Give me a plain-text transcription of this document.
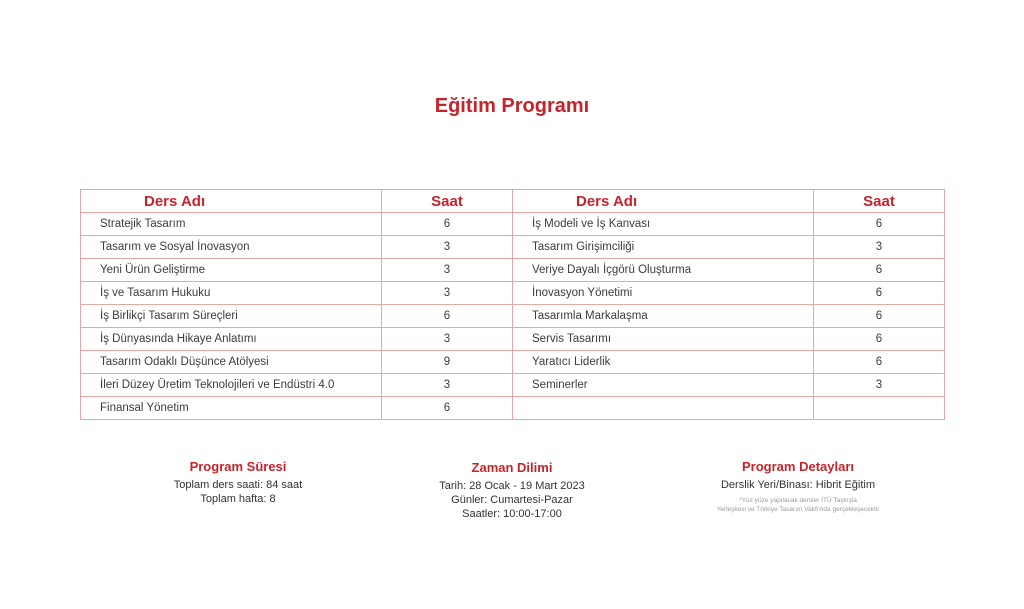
Eğitim Programı
Ders Adı	Saat	Ders Adı	Saat
Stratejik Tasarım	6	İş Modeli ve İş Kanvası	6
Tasarım ve Sosyal İnovasyon	3	Tasarım Girişimciliği	3
Yeni Ürün Geliştirme	3	Veriye Dayalı İçgörü Oluşturma	6
İş ve Tasarım Hukuku	3	İnovasyon Yönetimi	6
İş Birlikçi Tasarım Süreçleri	6	Tasarımla Markalaşma	6
İş Dünyasında Hikaye Anlatımı	3	Servis Tasarımı	6
Tasarım Odaklı Düşünce Atölyesi	9	Yaratıcı Liderlik	6
İleri Düzey Üretim Teknolojileri ve Endüstri 4.0	3	Seminerler	3
Finansal Yönetim	6		
Program Süresi
Toplam ders saati: 84 saat
Toplam hafta: 8
Zaman Dilimi
Tarih: 28 Ocak - 19 Mart 2023
Günler: Cumartesi-Pazar
Saatler: 10:00-17:00
Program Detayları
Derslik Yeri/Binası: Hibrit Eğitim
*Yüz yüze yapılacak dersler İTÜ Taşkışla
Yerleşkesi ve Türkiye Tasarım Vakfı'nda gerçekleşecektir
